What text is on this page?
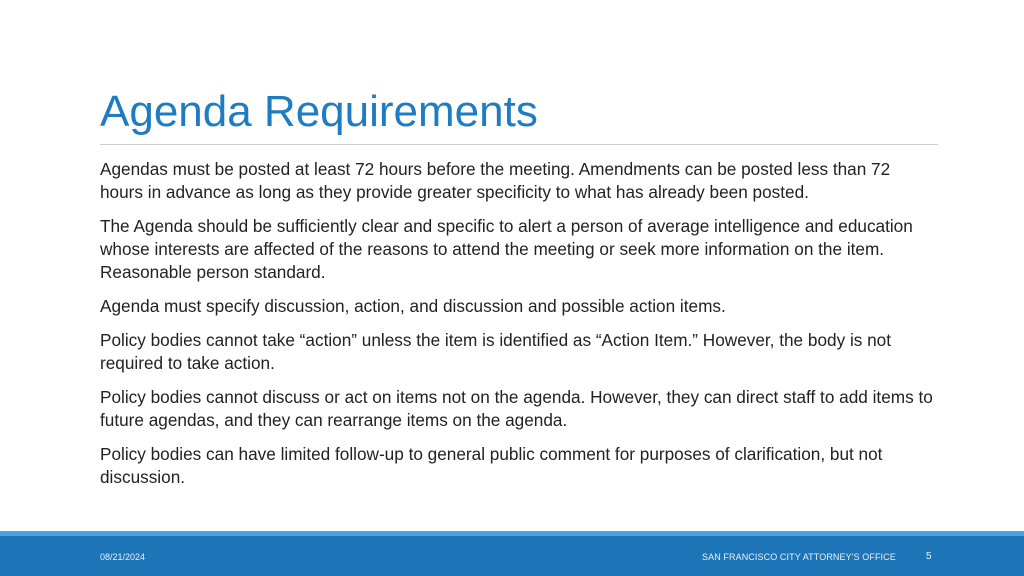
Agenda Requirements

Agendas must be posted at least 72 hours before the meeting. Amendments can be posted less than 72 hours in advance as long as they provide greater specificity to what has already been posted.

The Agenda should be sufficiently clear and specific to alert a person of average intelligence and education whose interests are affected of the reasons to attend the meeting or seek more information on the item. Reasonable person standard.

Agenda must specify discussion, action, and discussion and possible action items.

Policy bodies cannot take “action” unless the item is identified as “Action Item.” However, the body is not required to take action.

Policy bodies cannot discuss or act on items not on the agenda. However, they can direct staff to add items to future agendas, and they can rearrange items on the agenda.

Policy bodies can have limited follow-up to general public comment for purposes of clarification, but not discussion.

08/21/2024	SAN FRANCISCO CITY ATTORNEY'S OFFICE	5
